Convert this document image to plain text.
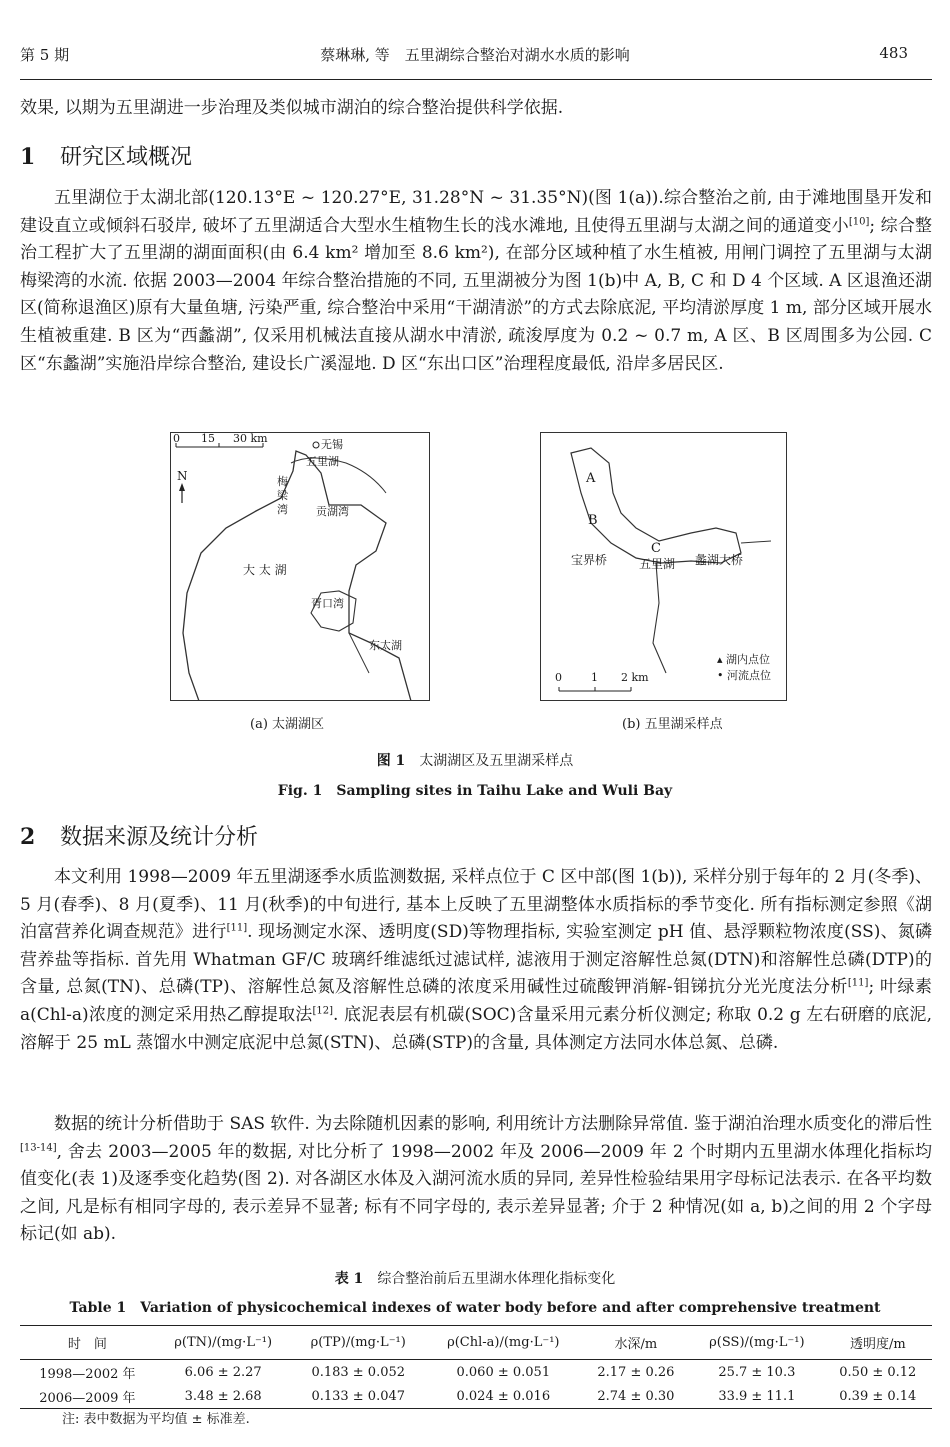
第 5 期	蔡琳琳, 等　五里湖综合整治对湖水水质的影响	483

效果, 以期为五里湖进一步治理及类似城市湖泊的综合整治提供科学依据.

1 研究区域概况

五里湖位于太湖北部(120.13°E ~ 120.27°E, 31.28°N ~ 31.35°N)(图 1(a)).综合整治之前, 由于滩地围垦开发和建设直立或倾斜石驳岸, 破坏了五里湖适合大型水生植物生长的浅水滩地, 且使得五里湖与太湖之间的通道变小[10]; 综合整治工程扩大了五里湖的湖面面积(由 6.4 km² 增加至 8.6 km²), 在部分区域种植了水生植被, 用闸门调控了五里湖与太湖梅梁湾的水流. 依据 2003—2004 年综合整治措施的不同, 五里湖被分为图 1(b)中 A, B, C 和 D 4 个区域. A 区退渔还湖区(简称退渔区)原有大量鱼塘, 污染严重, 综合整治中采用“干湖清淤”的方式去除底泥, 平均清淤厚度 1 m, 部分区域开展水生植被重建. B 区为“西蠡湖”, 仅采用机械法直接从湖水中清淤, 疏浚厚度为 0.2 ~ 0.7 m, A 区、B 区周围多为公园. C 区“东蠡湖”实施沿岸综合整治, 建设长广溪湿地. D 区“东出口区”治理程度最低, 沿岸多居民区.

0 15 30 km
N
无锡
五里湖
梅
梁
湾	贡湖湾
大 太 湖
胥口湾
东太湖
(a) 太湖湖区
A
B
C
宝界桥	五里湖 蠡湖大桥
▴ 湖内点位
• 河流点位
0	1 2 km
(b) 五里湖采样点
图 1　 太湖湖区及五里湖采样点
Fig. 1　Sampling sites in Taihu Lake and Wuli Bay
2 数据来源及统计分析

本文利用 1998—2009 年五里湖逐季水质监测数据, 采样点位于 C 区中部(图 1(b)), 采样分别于每年的 2 月(冬季)、5 月(春季)、8 月(夏季)、11 月(秋季)的中旬进行, 基本上反映了五里湖整体水质指标的季节变化. 所有指标测定参照《湖泊富营养化调查规范》进行[11]. 现场测定水深、透明度(SD)等物理指标, 实验室测定 pH 值、悬浮颗粒物浓度(SS)、氮磷营养盐等指标. 首先用 Whatman GF/C 玻璃纤维滤纸过滤试样, 滤液用于测定溶解性总氮(DTN)和溶解性总磷(DTP)的含量, 总氮(TN)、总磷(TP)、溶解性总氮及溶解性总磷的浓度采用碱性过硫酸钾消解-钼锑抗分光光度法分析[11]; 叶绿素 a(Chl-a)浓度的测定采用热乙醇提取法[12]. 底泥表层有机碳(SOC)含量采用元素分析仪测定; 称取 0.2 g 左右研磨的底泥, 溶解于 25 mL 蒸馏水中测定底泥中总氮(STN)、总磷(STP)的含量, 具体测定方法同水体总氮、总磷.

数据的统计分析借助于 SAS 软件. 为去除随机因素的影响, 利用统计方法删除异常值. 鉴于湖泊治理水质变化的滞后性[13-14], 舍去 2003—2005 年的数据, 对比分析了 1998—2002 年及 2006—2009 年 2 个时期内五里湖水体理化指标均值变化(表 1)及逐季变化趋势(图 2). 对各湖区水体及入湖河流水质的异同, 差异性检验结果用字母标记法表示. 在各平均数之间, 凡是标有相同字母的, 表示差异不显著; 标有不同字母的, 表示差异显著; 介于 2 种情况(如 a, b)之间的用 2 个字母标记(如 ab).

表 1　 综合整治前后五里湖水体理化指标变化
Table 1　Variation of physicochemical indexes of water body before and after comprehensive treatment
时　间	ρ(TN)/(mg·L⁻¹)	ρ(TP)/(mg·L⁻¹)	ρ(Chl-a)/(mg·L⁻¹)	水深/m	ρ(SS)/(mg·L⁻¹)	透明度/m
1998—2002 年	6.06 ± 2.27	0.183 ± 0.052	0.060 ± 0.051	2.17 ± 0.26	25.7 ± 10.3	0.50 ± 0.12
2006—2009 年	3.48 ± 2.68	0.133 ± 0.047	0.024 ± 0.016	2.74 ± 0.30	33.9 ± 11.1	0.39 ± 0.14
注: 表中数据为平均值 ± 标准差.
